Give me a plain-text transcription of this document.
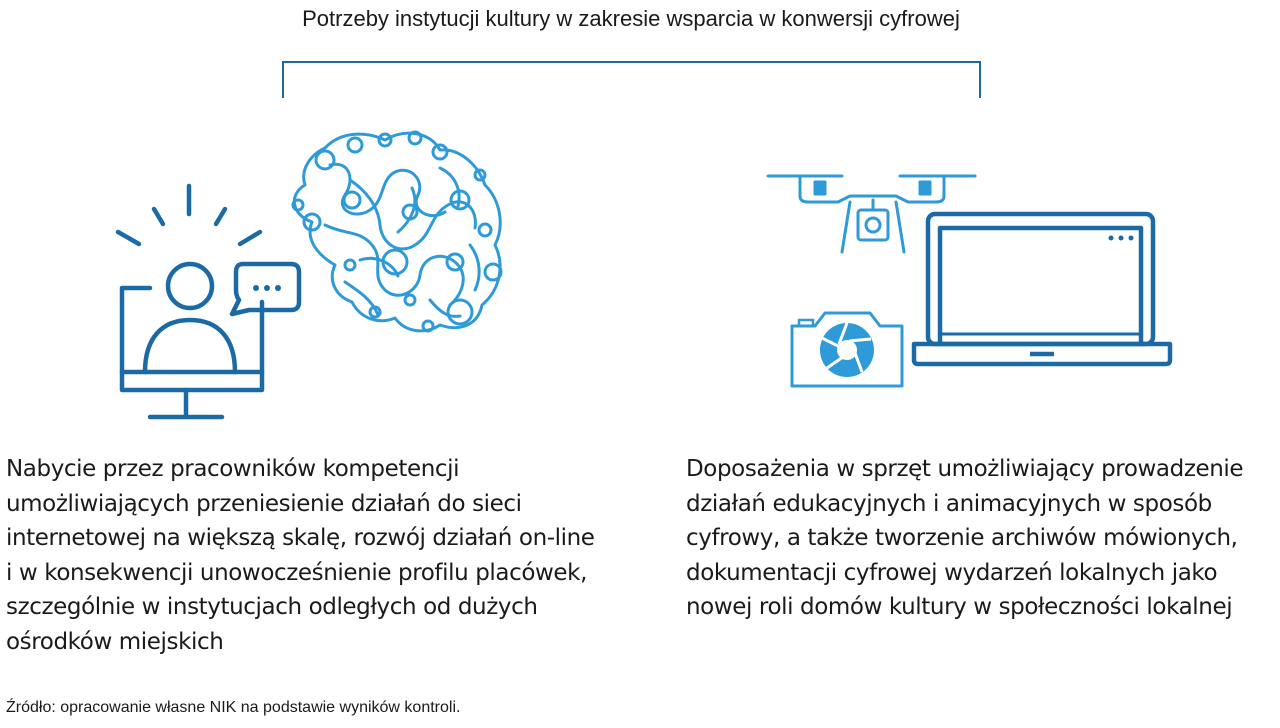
Potrzeby instytucji kultury w zakresie wsparcia w konwersji cyfrowej
Nabycie przez pracowników kompetencji
umożliwiających przeniesienie działań do sieci
internetowej na większą skalę, rozwój działań on-line
i w konsekwencji unowocześnienie profilu placówek,
szczególnie w instytucjach odległych od dużych
ośrodków miejskich
Doposażenia w sprzęt umożliwiający prowadzenie
działań edukacyjnych i animacyjnych w sposób
cyfrowy, a także tworzenie archiwów mówionych,
dokumentacji cyfrowej wydarzeń lokalnych jako
nowej roli domów kultury w społeczności lokalnej
Źródło: opracowanie własne NIK na podstawie wyników kontroli.
